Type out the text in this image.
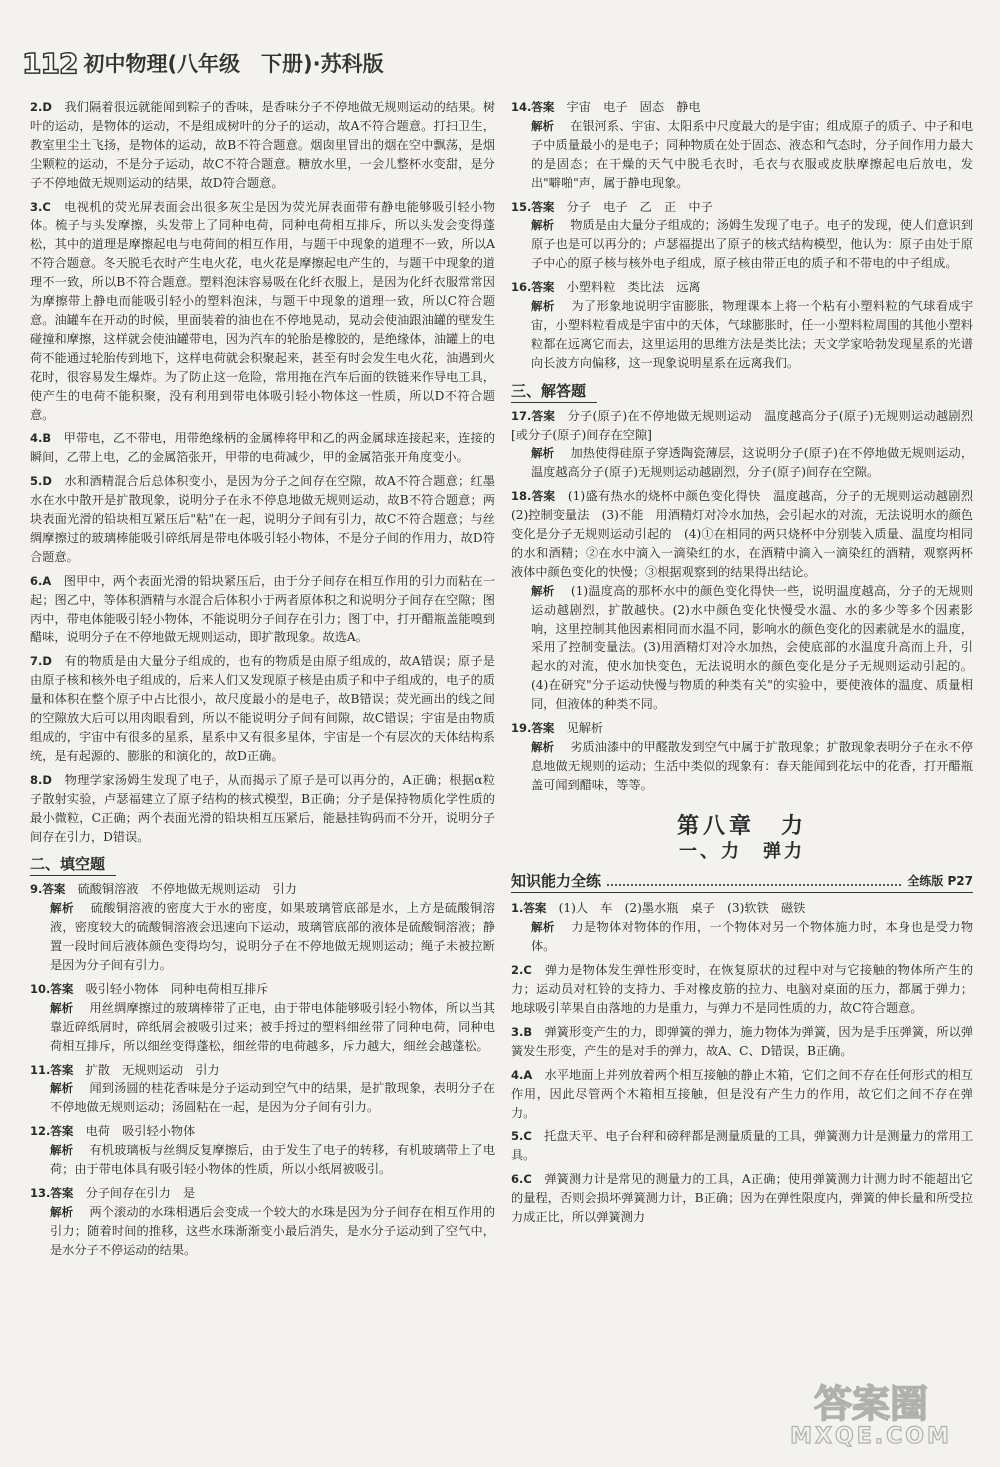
112 初中物理(八年级　下册)·苏科版

2.D　 我们隔着很远就能闻到粽子的香味，是香味分子不停地做无规则运动的结果。树叶的运动，是物体的运动，不是组成树叶的分子的运动，故A不符合题意。打扫卫生，教室里尘土飞扬，是物体的运动，故B不符合题意。烟囱里冒出的烟在空中飘荡，是烟尘颗粒的运动，不是分子运动，故C不符合题意。糖放水里，一会儿整杯水变甜，是分子不停地做无规则运动的结果，故D符合题意。

3.C　 电视机的荧光屏表面会出很多灰尘是因为荧光屏表面带有静电能够吸引轻小物体。梳子与头发摩擦，头发带上了同种电荷，同种电荷相互排斥，所以头发会变得蓬松，其中的道理是摩擦起电与电荷间的相互作用，与题干中现象的道理不一致，所以A不符合题意。冬天脱毛衣时产生电火花，电火花是摩擦起电产生的，与题干中现象的道理不一致，所以B不符合题意。塑料泡沫容易吸在化纤衣服上，是因为化纤衣服常常因为摩擦带上静电而能吸引轻小的塑料泡沫，与题干中现象的道理一致，所以C符合题意。油罐车在开动的时候，里面装着的油也在不停地晃动，晃动会使油跟油罐的壁发生碰撞和摩擦，这样就会使油罐带电，因为汽车的轮胎是橡胶的，是绝缘体，油罐上的电荷不能通过轮胎传到地下，这样电荷就会积聚起来，甚至有时会发生电火花，油遇到火花时，很容易发生爆炸。为了防止这一危险，常用拖在汽车后面的铁链来作导电工具，使产生的电荷不能积聚，没有利用到带电体吸引轻小物体这一性质，所以D不符合题意。

4.B　 甲带电，乙不带电，用带绝缘柄的金属棒将甲和乙的两金属球连接起来，连接的瞬间，乙带上电，乙的金属箔张开，甲带的电荷减少，甲的金属箔张开角度变小。

5.D　 水和酒精混合后总体积变小，是因为分子之间存在空隙，故A不符合题意；红墨水在水中散开是扩散现象，说明分子在永不停息地做无规则运动，故B不符合题意；两块表面光滑的铅块相互紧压后"粘"在一起，说明分子间有引力，故C不符合题意；与丝绸摩擦过的玻璃棒能吸引碎纸屑是带电体吸引轻小物体，不是分子间的作用力，故D符合题意。

6.A　 图甲中，两个表面光滑的铅块紧压后，由于分子间存在相互作用的引力而粘在一起；图乙中，等体积酒精与水混合后体积小于两者原体积之和说明分子间存在空隙；图丙中，带电体能吸引轻小物体，不能说明分子间存在引力；图丁中，打开醋瓶盖能嗅到醋味，说明分子在不停地做无规则运动，即扩散现象。故选A。

7.D　 有的物质是由大量分子组成的，也有的物质是由原子组成的，故A错误；原子是由原子核和核外电子组成的，后来人们又发现原子核是由质子和中子组成的，电子的质量和体积在整个原子中占比很小，故尺度最小的是电子，故B错误；荧光画出的线之间的空隙放大后可以用肉眼看到，所以不能说明分子间有间隙，故C错误；宇宙是由物质组成的，宇宙中有很多的星系，星系中又有很多星体，宇宙是一个有层次的天体结构系统，是有起源的、膨胀的和演化的，故D正确。

8.D　 物理学家汤姆生发现了电子，从而揭示了原子是可以再分的，A正确；根据α粒子散射实验，卢瑟福建立了原子结构的核式模型，B正确；分子是保持物质化学性质的最小微粒，C正确；两个表面光滑的铅块相互压紧后，能悬挂钩码而不分开，说明分子间存在引力，D错误。

二、填空题

9.答案　 硫酸铜溶液　不停地做无规则运动　引力

解析　 硫酸铜溶液的密度大于水的密度，如果玻璃管底部是水，上方是硫酸铜溶液，密度较大的硫酸铜溶液会迅速向下运动，玻璃管底部的液体是硫酸铜溶液；静置一段时间后液体颜色变得均匀，说明分子在不停地做无规则运动；绳子未被拉断是因为分子间有引力。

10.答案　 吸引轻小物体　同种电荷相互排斥

解析　 用丝绸摩擦过的玻璃棒带了正电，由于带电体能够吸引轻小物体，所以当其靠近碎纸屑时，碎纸屑会被吸引过来；被手捋过的塑料细丝带了同种电荷，同种电荷相互排斥，所以细丝变得蓬松，细丝带的电荷越多，斥力越大，细丝会越蓬松。

11.答案　 扩散　无规则运动　引力

解析　 闻到汤圆的桂花香味是分子运动到空气中的结果，是扩散现象，表明分子在不停地做无规则运动；汤圆粘在一起，是因为分子间有引力。

12.答案　 电荷　吸引轻小物体

解析　 有机玻璃板与丝绸反复摩擦后，由于发生了电子的转移，有机玻璃带上了电荷；由于带电体具有吸引轻小物体的性质，所以小纸屑被吸引。

13.答案　 分子间存在引力　是

解析　 两个滚动的水珠相遇后会变成一个较大的水珠是因为分子间存在相互作用的引力；随着时间的推移，这些水珠渐渐变小最后消失，是水分子运动到了空气中，是水分子不停运动的结果。

14.答案　 宇宙　电子　固态　静电

解析　 在银河系、宇宙、太阳系中尺度最大的是宇宙；组成原子的质子、中子和电子中质量最小的是电子；同种物质在处于固态、液态和气态时，分子间作用力最大的是固态；在干燥的天气中脱毛衣时，毛衣与衣服或皮肤摩擦起电后放电，发出"噼啪"声，属于静电现象。

15.答案　 分子　电子　乙　正　中子

解析　 物质是由大量分子组成的；汤姆生发现了电子。电子的发现，使人们意识到原子也是可以再分的；卢瑟福提出了原子的核式结构模型，他认为：原子由处于原子中心的原子核与核外电子组成，原子核由带正电的质子和不带电的中子组成。

16.答案　 小塑料粒　类比法　远离

解析　 为了形象地说明宇宙膨胀，物理课本上将一个粘有小塑料粒的气球看成宇宙，小塑料粒看成是宇宙中的天体，气球膨胀时，任一小塑料粒周围的其他小塑料粒都在远离它而去，这里运用的思维方法是类比法；天文学家哈勃发现星系的光谱向长波方向偏移，这一现象说明星系在远离我们。

三、解答题

17.答案　 分子(原子)在不停地做无规则运动　温度越高分子(原子)无规则运动越剧烈[或分子(原子)间存在空隙]

解析　 加热使得硅原子穿透陶瓷薄层，这说明分子(原子)在不停地做无规则运动，温度越高分子(原子)无规则运动越剧烈，分子(原子)间存在空隙。

18.答案　 (1)盛有热水的烧杯中颜色变化得快　温度越高，分子的无规则运动越剧烈　(2)控制变量法　(3)不能　用酒精灯对冷水加热，会引起水的对流，无法说明水的颜色变化是分子无规则运动引起的　(4)①在相同的两只烧杯中分别装入质量、温度均相同的水和酒精；②在水中滴入一滴染红的水，在酒精中滴入一滴染红的酒精，观察两杯液体中颜色变化的快慢；③根据观察到的结果得出结论。

解析　 (1)温度高的那杯水中的颜色变化得快一些，说明温度越高，分子的无规则运动越剧烈，扩散越快。(2)水中颜色变化快慢受水温、水的多少等多个因素影响，这里控制其他因素相同而水温不同，影响水的颜色变化的因素就是水的温度，采用了控制变量法。(3)用酒精灯对冷水加热，会使底部的水温度升高而上升，引起水的对流，使水加快变色，无法说明水的颜色变化是分子无规则运动引起的。(4)在研究"分子运动快慢与物质的种类有关"的实验中，要使液体的温度、质量相同，但液体的种类不同。

19.答案　 见解析

解析　 劣质油漆中的甲醛散发到空气中属于扩散现象；扩散现象表明分子在永不停息地做无规则的运动；生活中类似的现象有：春天能闻到花坛中的花香，打开醋瓶盖可闻到醋味，等等。

第八章　力
一、力　弹力
知识能力全练	全练版 P27

1.答案　 (1)人　车　(2)墨水瓶　桌子　(3)软铁　磁铁

解析　 力是物体对物体的作用，一个物体对另一个物体施力时，本身也是受力物体。

2.C　 弹力是物体发生弹性形变时，在恢复原状的过程中对与它接触的物体所产生的力；运动员对杠铃的支持力、手对橡皮筋的拉力、电脑对桌面的压力，都属于弹力；地球吸引苹果自由落地的力是重力，与弹力不是同性质的力，故C符合题意。

3.B　 弹簧形变产生的力，即弹簧的弹力，施力物体为弹簧，因为是手压弹簧，所以弹簧发生形变，产生的是对手的弹力，故A、C、D错误，B正确。

4.A　 水平地面上并列放着两个相互接触的静止木箱，它们之间不存在任何形式的相互作用，因此尽管两个木箱相互接触，但是没有产生力的作用，故它们之间不存在弹力。

5.C　 托盘天平、电子台秤和磅秤都是测量质量的工具，弹簧测力计是测量力的常用工具。

6.C　 弹簧测力计是常见的测量力的工具，A正确；使用弹簧测力计测力时不能超出它的量程，否则会损坏弹簧测力计，B正确；因为在弹性限度内，弹簧的伸长量和所受拉力成正比，所以弹簧测力

答案圈
MXQE.COM
